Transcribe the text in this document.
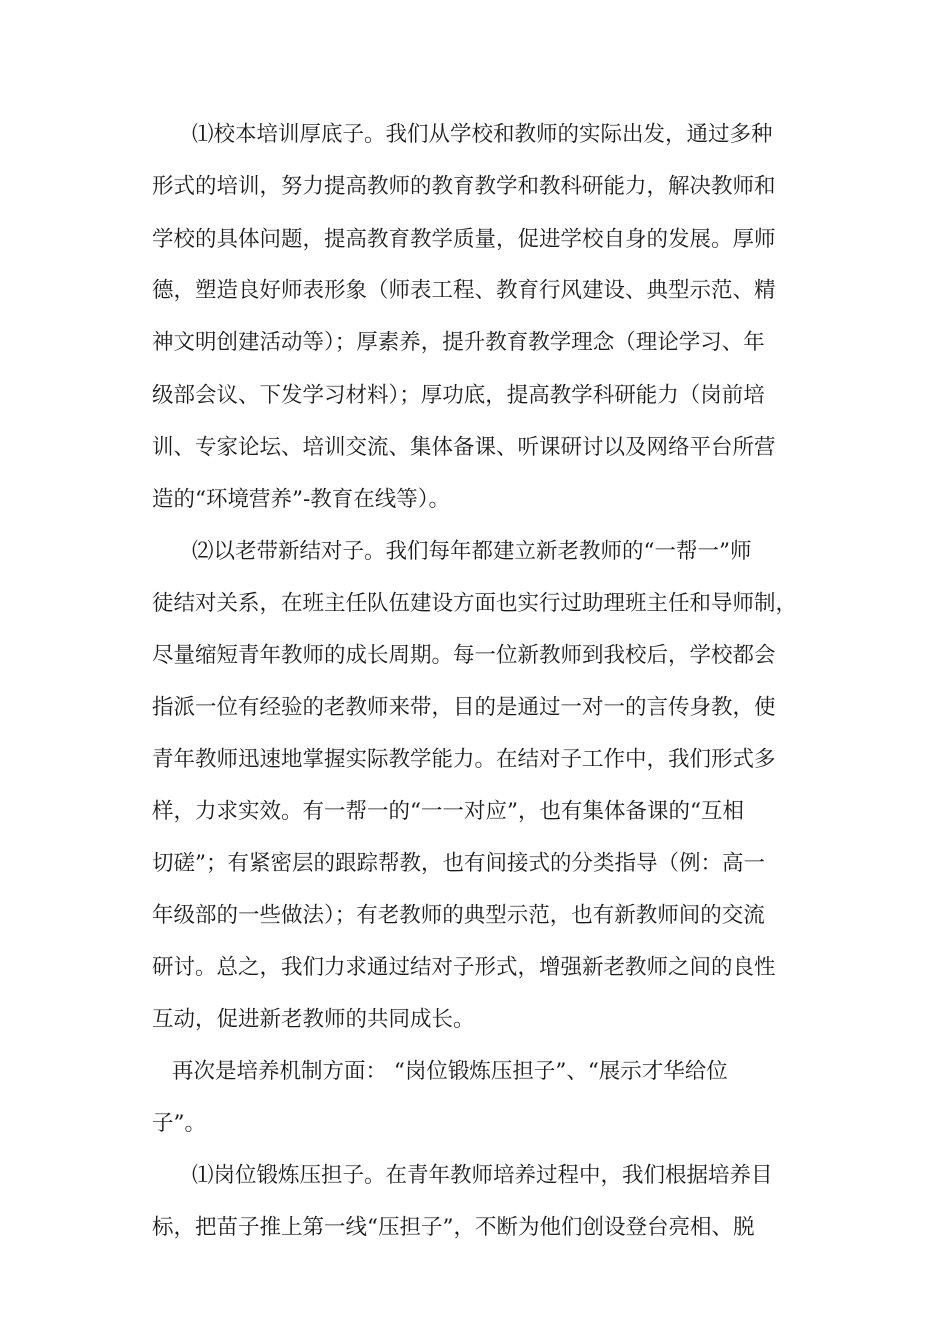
⑴校本培训厚底子。我们从学校和教师的实际出发，通过多种
形式的培训，努力提高教师的教育教学和教科研能力，解决教师和
学校的具体问题，提高教育教学质量，促进学校自身的发展。厚师
德，塑造良好师表形象（师表工程、教育行风建设、典型示范、精
神文明创建活动等）；厚素养，提升教育教学理念（理论学习、年
级部会议、下发学习材料）；厚功底，提高教学科研能力（岗前培
训、专家论坛、培训交流、集体备课、听课研讨以及网络平台所营
造的“环境营养”-教育在线等）。
⑵以老带新结对子。我们每年都建立新老教师的“一帮一”师
徒结对关系，在班主任队伍建设方面也实行过助理班主任和导师制，
尽量缩短青年教师的成长周期。每一位新教师到我校后，学校都会
指派一位有经验的老教师来带，目的是通过一对一的言传身教，使
青年教师迅速地掌握实际教学能力。在结对子工作中，我们形式多
样，力求实效。有一帮一的“一一对应”，也有集体备课的“互相
切磋”；有紧密层的跟踪帮教，也有间接式的分类指导（例：高一
年级部的一些做法）；有老教师的典型示范，也有新教师间的交流
研讨。总之，我们力求通过结对子形式，增强新老教师之间的良性
互动，促进新老教师的共同成长。
再次是培养机制方面： “岗位锻炼压担子”、“展示才华给位
子”。
⑴岗位锻炼压担子。在青年教师培养过程中，我们根据培养目
标，把苗子推上第一线“压担子”，不断为他们创设登台亮相、脱
